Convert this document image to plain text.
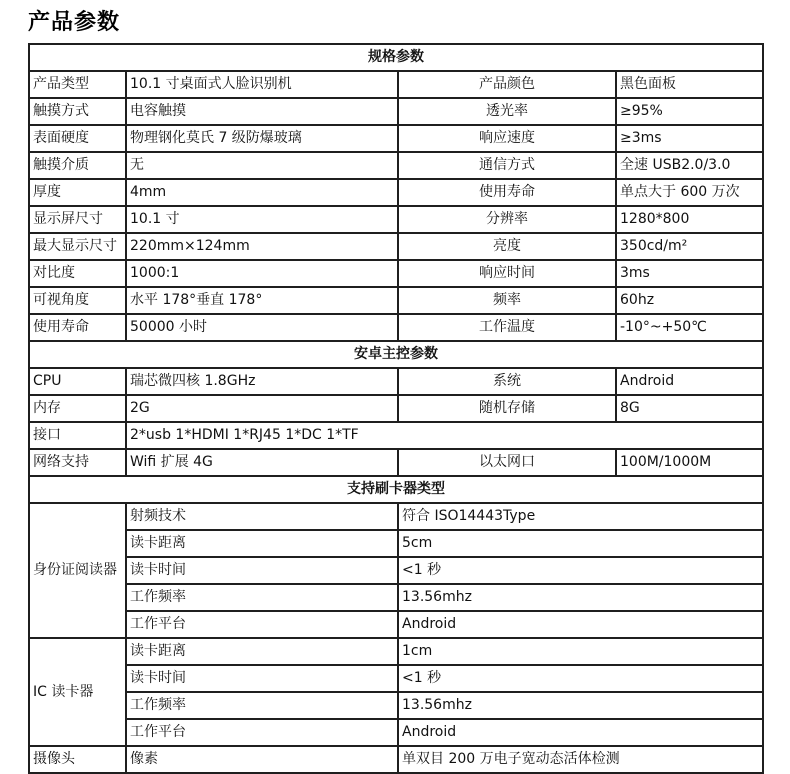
产品参数
规格参数			
产品类型	10.1 寸桌面式人脸识别机	产品颜色	黑色面板
触摸方式	电容触摸	透光率	≥95%
表面硬度	物理钢化莫氏 7 级防爆玻璃	响应速度	≥3ms
触摸介质	无	通信方式	全速 USB2.0/3.0
厚度	4mm	使用寿命	单点大于 600 万次
显示屏尺寸	10.1 寸	分辨率	1280*800
最大显示尺寸	220mm×124mm	亮度	350cd/m²
对比度	1000:1	响应时间	3ms
可视角度	水平 178°垂直 178°	频率	60hz
使用寿命	50000 小时	工作温度	-10°~+50℃
安卓主控参数			
CPU	瑞芯微四核 1.8GHz	系统	Android
内存	2G	随机存储	8G
接口	2*usb 1*HDMI 1*RJ45 1*DC 1*TF		
网络支持	Wifi 扩展 4G	以太网口	100M/1000M
支持刷卡器类型			
身份证阅读器	射频技术	符合 ISO14443Type	
	读卡距离	5cm	
	读卡时间	<1 秒	
	工作频率	13.56mhz	
	工作平台	Android	
IC 读卡器	读卡距离	1cm	
	读卡时间	<1 秒	
	工作频率	13.56mhz	
	工作平台	Android	
摄像头	像素	单双目 200 万电子宽动态活体检测	
